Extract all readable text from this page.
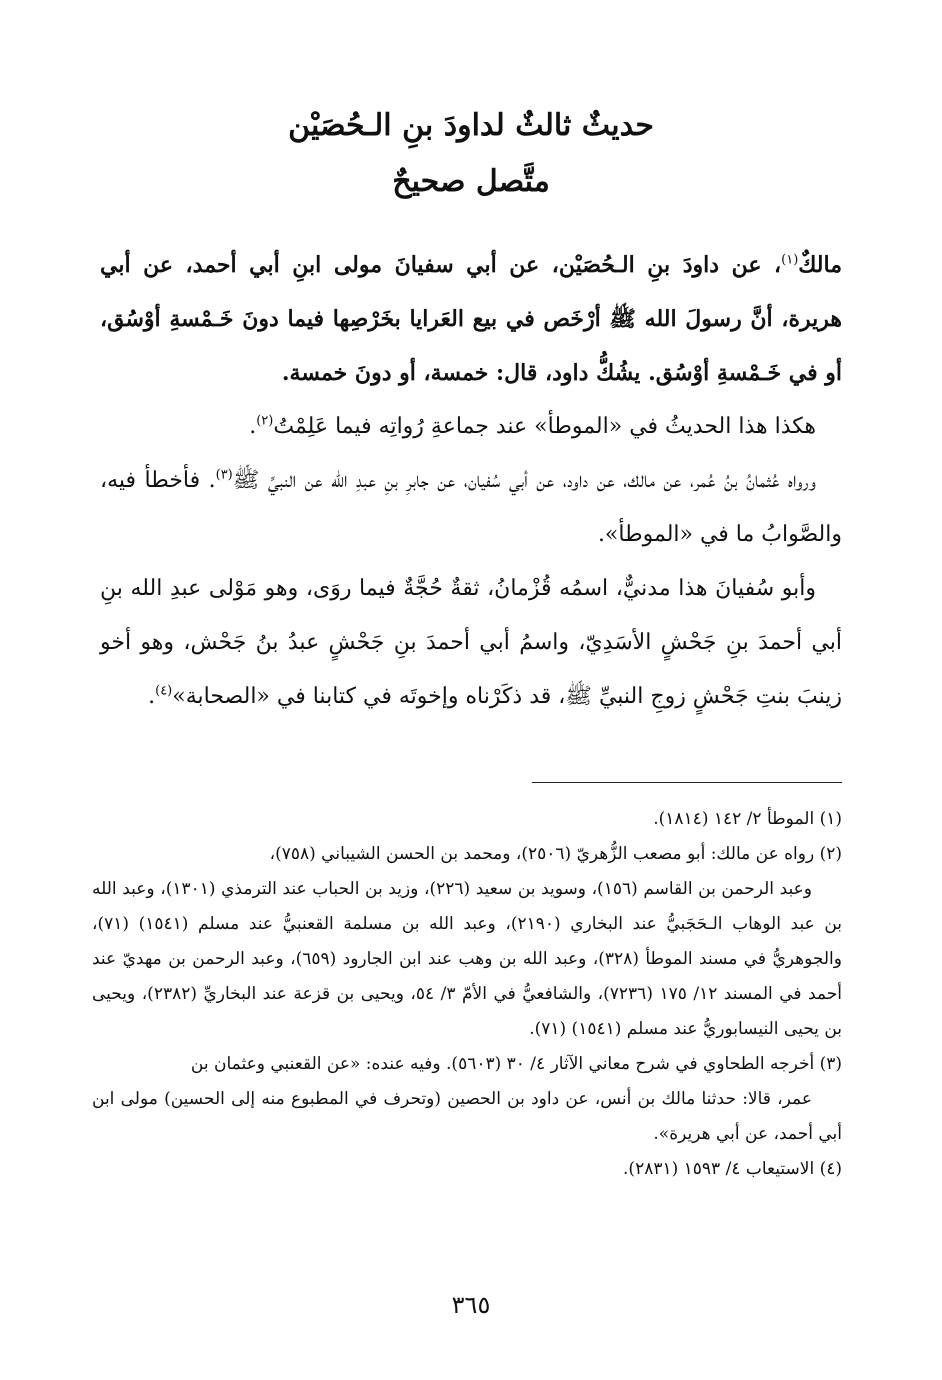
حديثٌ ثالثٌ لداودَ بنِ الـحُصَيْن
متَّصل صحيحٌ

مالكٌ$^{(١)}$، عن داودَ بنِ الـحُصَيْن، عن أبي سفيانَ مولى ابنِ أبي أحمد، عن أبي هريرة، أنَّ رسولَ الله ﷺ أرْخَص في بيع العَرايا بخَرْصِها فيما دونَ خَـمْسةِ أوْسُق، أو في خَـمْسةِ أوْسُق. يشُكُّ داود، قال: خمسة، أو دونَ خمسة.

هكذا هذا الحديثُ في «الموطأ» عند جماعةِ رُواتِه فيما عَلِمْتُ$^{(٢)}$.

ورواه عُثمانُ بنُ عُمر، عن مالك، عن داود، عن أبي سُفيان، عن جابرِ بنِ عبدِ الله عن النبيِّ ﷺ$^{(٣)}$. فأخطأ فيه، والصَّوابُ ما في «الموطأ».

وأبو سُفيانَ هذا مدنيٌّ، اسمُه قُزْمانُ، ثقةٌ حُجَّةٌ فيما روَى، وهو مَوْلى عبدِ الله بنِ أبي أحمدَ بنِ جَحْشٍ الأسَدِيّ، واسمُ أبي أحمدَ بنِ جَحْشٍ عبدُ بنُ جَحْش، وهو أخو زينبَ بنتِ جَحْشٍ زوجِ النبيِّ ﷺ، قد ذكَرْناه وإخوتَه في كتابنا في «الصحابة»$^{(٤)}$.

(١) الموطأ ٢/ ١٤٢ (١٨١٤).

(٢) رواه عن مالك: أبو مصعب الزُّهريّ (٢٥٠٦)، ومحمد بن الحسن الشيباني (٧٥٨)،
وعبد الرحمن بن القاسم (١٥٦)، وسويد بن سعيد (٢٢٦)، وزيد بن الحباب عند الترمذي (١٣٠١)، وعبد الله بن عبد الوهاب الـحَجَبيُّ عند البخاري (٢١٩٠)، وعبد الله بن مسلمة القعنبيُّ عند مسلم (١٥٤١) (٧١)، والجوهريُّ في مسند الموطأ (٣٢٨)، وعبد الله بن وهب عند ابن الجارود (٦٥٩)، وعبد الرحمن بن مهديّ عند أحمد في المسند ١٢/ ١٧٥ (٧٢٣٦)، والشافعيُّ في الأمّ ٣/ ٥٤، ويحيى بن قزعة عند البخاريِّ (٢٣٨٢)، ويحيى بن يحيى النيسابوريُّ عند مسلم (١٥٤١) (٧١).

(٣) أخرجه الطحاوي في شرح معاني الآثار ٤/ ٣٠ (٥٦٠٣). وفيه عنده: «عن القعنبي وعثمان بن
عمر، قالا: حدثنا مالك بن أنس، عن داود بن الحصين (وتحرف في المطبوع منه إلى الحسين) مولى ابن أبي أحمد، عن أبي هريرة».

(٤) الاستيعاب ٤/ ١٥٩٣ (٢٨٣١).

٣٦٥
